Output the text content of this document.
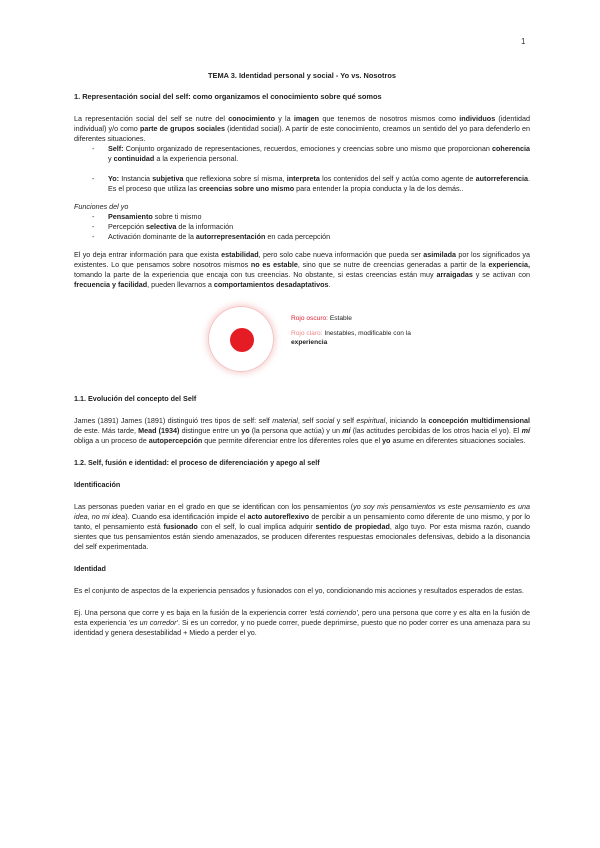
1
TEMA 3. Identidad personal y social - Yo vs. Nosotros
1. Representación social del self: como organizamos el conocimiento sobre qué somos

La representación social del self se nutre del conocimiento y la imagen que tenemos de nosotros mismos como individuos (identidad individual) y/o como parte de grupos sociales (identidad social). A partir de este conocimiento, creamos un sentido del yo para defenderlo en diferentes situaciones.

- Self: Conjunto organizado de representaciones, recuerdos, emociones y creencias sobre uno mismo que proporcionan coherencia y continuidad a la experiencia personal.
- Yo: Instancia subjetiva que reflexiona sobre sí misma, interpreta los contenidos del self y actúa como agente de autorreferencia. Es el proceso que utiliza las creencias sobre uno mismo para entender la propia conducta y la de los demás..

Funciones del yo

- Pensamiento sobre ti mismo
- Percepción selectiva de la información
- Activación dominante de la autorrepresentación en cada percepción

El yo deja entrar información para que exista estabilidad, pero solo cabe nueva información que pueda ser asimilada por los significados ya existentes. Lo que pensamos sobre nosotros mismos no es estable, sino que se nutre de creencias generadas a partir de la experiencia, tomando la parte de la experiencia que encaja con tus creencias. No obstante, si estas creencias están muy arraigadas y se activan con frecuencia y facilidad, pueden llevarnos a comportamientos desadaptativos.

Rojo oscuro: Estable
Rojo claro: Inestables, modificable con la experiencia
1.1. Evolución del concepto del Self

James (1891) James (1891) distinguió tres tipos de self: self material, self social y self espiritual, iniciando la concepción multidimensional de este. Más tarde, Mead (1934) distingue entre un yo (la persona que actúa) y un mí (las actitudes percibidas de los otros hacia el yo). El mí obliga a un proceso de autopercepción que permite diferenciar entre los diferentes roles que el yo asume en diferentes situaciones sociales.

1.2. Self, fusión e identidad: el proceso de diferenciación y apego al self
Identificación

Las personas pueden variar en el grado en que se identifican con los pensamientos (yo soy mis pensamientos vs este pensamiento es una idea, no mi idea). Cuando esa identificación impide el acto autoreflexivo de percibir a un pensamiento como diferente de uno mismo, y por lo tanto, el pensamiento está fusionado con el self, lo cual implica adquirir sentido de propiedad, algo tuyo. Por esta misma razón, cuando sientes que tus pensamientos están siendo amenazados, se producen diferentes respuestas emocionales defensivas, debido a la disonancia del self experimentada.

Identidad

Es el conjunto de aspectos de la experiencia pensados y fusionados con el yo, condicionando mis acciones y resultados esperados de estas.

Ej. Una persona que corre y es baja en la fusión de la experiencia correr 'está corriendo', pero una persona que corre y es alta en la fusión de esta experiencia 'es un corredor'. Si es un corredor, y no puede correr, puede deprimirse, puesto que no poder correr es una amenaza para su identidad y genera desestabilidad + Miedo a perder el yo.
